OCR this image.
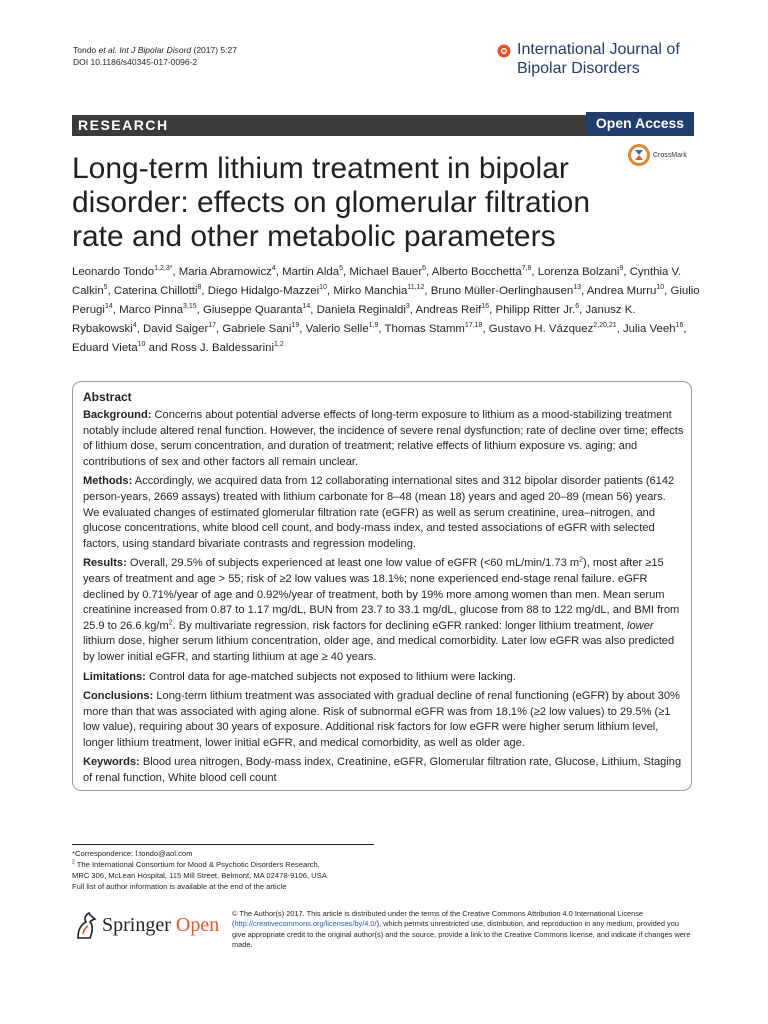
Tondo et al. Int J Bipolar Disord (2017) 5:27
DOI 10.1186/s40345-017-0096-2
International Journal of
Bipolar Disorders
RESEARCH	Open Access
Long-term lithium treatment in bipolar disorder: effects on glomerular filtration rate and other metabolic parameters
CrossMark
Leonardo Tondo$^{1,2,3*}$, Maria Abramowicz$^4$, Martin Alda$^5$, Michael Bauer$^6$, Alberto Bocchetta$^{7,8}$, Lorenza Bolzani$^9$, Cynthia V. Calkin$^5$, Caterina Chillotti$^8$, Diego Hidalgo-Mazzei$^{10}$, Mirko Manchia$^{11,12}$, Bruno Müller-Oerlinghausen$^{13}$, Andrea Murru$^{10}$, Giulio Perugi$^{14}$, Marco Pinna$^{3,15}$, Giuseppe Quaranta$^{14}$, Daniela Reginaldi$^3$, Andreas Reif$^{16}$, Philipp Ritter Jr.$^6$, Janusz K. Rybakowski$^4$, David Saiger$^{17}$, Gabriele Sani$^{19}$, Valerio Selle$^{1,9}$, Thomas Stamm$^{17,18}$, Gustavo H. Vázquez$^{2,20,21}$, Julia Veeh$^{16}$, Eduard Vieta$^{10}$ and Ross J. Baldessarini$^{1,2}$
Abstract
Background: Concerns about potential adverse effects of long-term exposure to lithium as a mood-stabilizing treatment notably include altered renal function. However, the incidence of severe renal dysfunction; rate of decline over time; effects of lithium dose, serum concentration, and duration of treatment; relative effects of lithium exposure vs. aging; and contributions of sex and other factors all remain unclear.
Methods: Accordingly, we acquired data from 12 collaborating international sites and 312 bipolar disorder patients (6142 person-years, 2669 assays) treated with lithium carbonate for 8–48 (mean 18) years and aged 20–89 (mean 56) years. We evaluated changes of estimated glomerular filtration rate (eGFR) as well as serum creatinine, urea–nitrogen, and glucose concentrations, white blood cell count, and body-mass index, and tested associations of eGFR with selected factors, using standard bivariate contrasts and regression modeling.
Results: Overall, 29.5% of subjects experienced at least one low value of eGFR (<60 mL/min/1.73 $m^2$), most after ≥15 years of treatment and age > 55; risk of ≥2 low values was 18.1%; none experienced end-stage renal failure. eGFR declined by 0.71%/year of age and 0.92%/year of treatment, both by 19% more among women than men. Mean serum creatinine increased from 0.87 to 1.17 mg/dL, BUN from 23.7 to 33.1 mg/dL, glucose from 88 to 122 mg/dL, and BMI from 25.9 to 26.6 $kg/m^2$. By multivariate regression, risk factors for declining eGFR ranked: longer lithium treatment, lower lithium dose, higher serum lithium concentration, older age, and medical comorbidity. Later low eGFR was also predicted by lower initial eGFR, and starting lithium at age ≥ 40 years.
Limitations: Control data for age-matched subjects not exposed to lithium were lacking.
Conclusions: Long-term lithium treatment was associated with gradual decline of renal functioning (eGFR) by about 30% more than that was associated with aging alone. Risk of subnormal eGFR was from 18.1% (≥2 low values) to 29.5% (≥1 low value), requiring about 30 years of exposure. Additional risk factors for low eGFR were higher serum lithium level, longer lithium treatment, lower initial eGFR, and medical comorbidity, as well as older age.
Keywords: Blood urea nitrogen, Body-mass index, Creatinine, eGFR, Glomerular filtration rate, Glucose, Lithium, Staging of renal function, White blood cell count
*Correspondence: l.tondo@aol.com
$^2$ The International Consortium for Mood & Psychotic Disorders Research,
MRC 306, McLean Hospital, 115 Mill Street, Belmont, MA 02478-9106, USA
Full list of author information is available at the end of the article
Springer Open © The Author(s) 2017. This article is distributed under the terms of the Creative Commons Attribution 4.0 International License (http://creativecommons.org/licenses/by/4.0/), which permits unrestricted use, distribution, and reproduction in any medium, provided you give appropriate credit to the original author(s) and the source, provide a link to the Creative Commons license, and indicate if changes were made.
